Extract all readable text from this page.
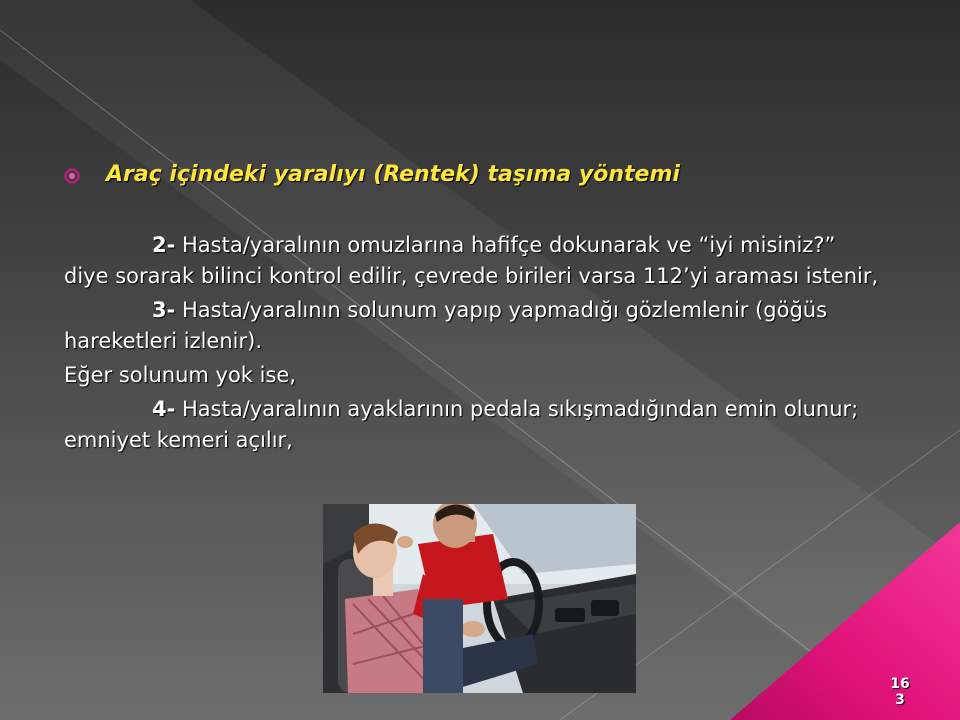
Araç içindeki yaralıyı (Rentek) taşıma yöntemi

2- Hasta/yaralının omuzlarına hafifçe dokunarak ve “iyi misiniz?” diye sorarak bilinci kontrol edilir, çevrede birileri varsa 112’yi araması istenir,

3- Hasta/yaralının solunum yapıp yapmadığı gözlemlenir (göğüs hareketleri izlenir).

Eğer solunum yok ise,

4- Hasta/yaralının ayaklarının pedala sıkışmadığından emin olunur; emniyet kemeri açılır,

16
3
